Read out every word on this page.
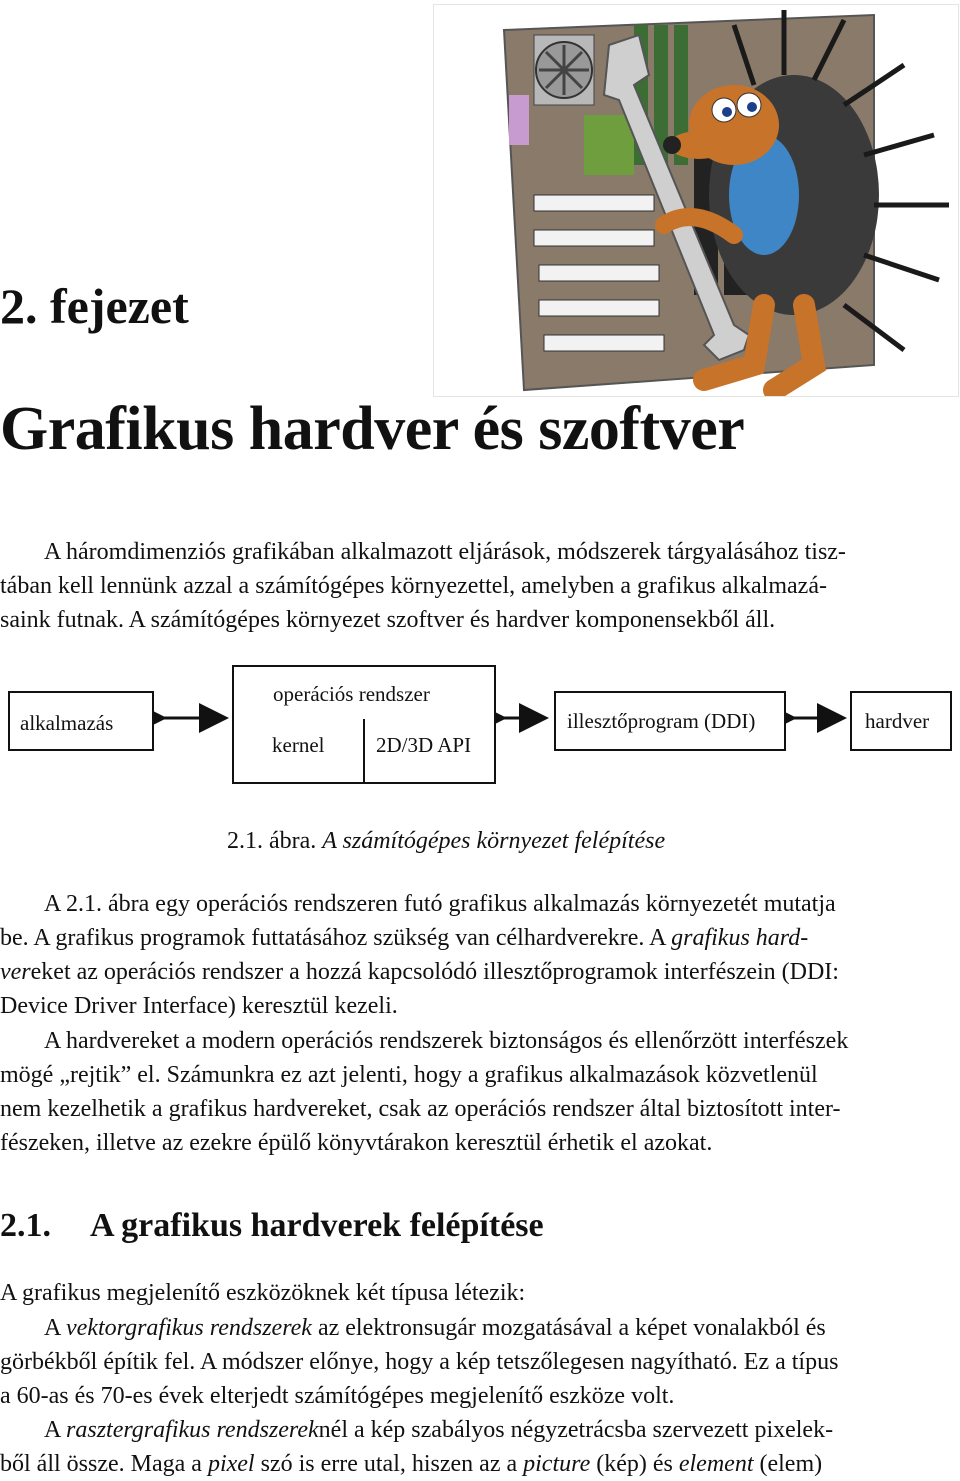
2. fejezet
Grafikus hardver és szoftver
A háromdimenziós grafikában alkalmazott eljárások, módszerek tárgyalásához tisz-
tában kell lennünk azzal a számítógépes környezettel, amelyben a grafikus alkalmazá-
saink futnak. A számítógépes környezet szoftver és hardver komponensekből áll.
alkalmazás
operációs rendszer
kernel 2D/3D API
illesztőprogram (DDI)	hardver
2.1. ábra. A számítógépes környezet felépítése
A 2.1. ábra egy operációs rendszeren futó grafikus alkalmazás környezetét mutatja
be. A grafikus programok futtatásához szükség van célhardverekre. A grafikus hard-
vereket az operációs rendszer a hozzá kapcsolódó illesztőprogramok interfészein (DDI:
Device Driver Interface) keresztül kezeli.
A hardvereket a modern operációs rendszerek biztonságos és ellenőrzött interfészek
mögé „rejtik” el. Számunkra ez azt jelenti, hogy a grafikus alkalmazások közvetlenül
nem kezelhetik a grafikus hardvereket, csak az operációs rendszer által biztosított inter-
fészeken, illetve az ezekre épülő könyvtárakon keresztül érhetik el azokat.
2.1. A grafikus hardverek felépítése
A grafikus megjelenítő eszközöknek két típusa létezik:
A vektorgrafikus rendszerek az elektronsugár mozgatásával a képet vonalakból és
görbékből építik fel. A módszer előnye, hogy a kép tetszőlegesen nagyítható. Ez a típus
a 60-as és 70-es évek elterjedt számítógépes megjelenítő eszköze volt.
A rasztergrafikus rendszereknél a kép szabályos négyzetrácsba szervezett pixelek-
ből áll össze. Maga a pixel szó is erre utal, hiszen az a picture (kép) és element (elem)
